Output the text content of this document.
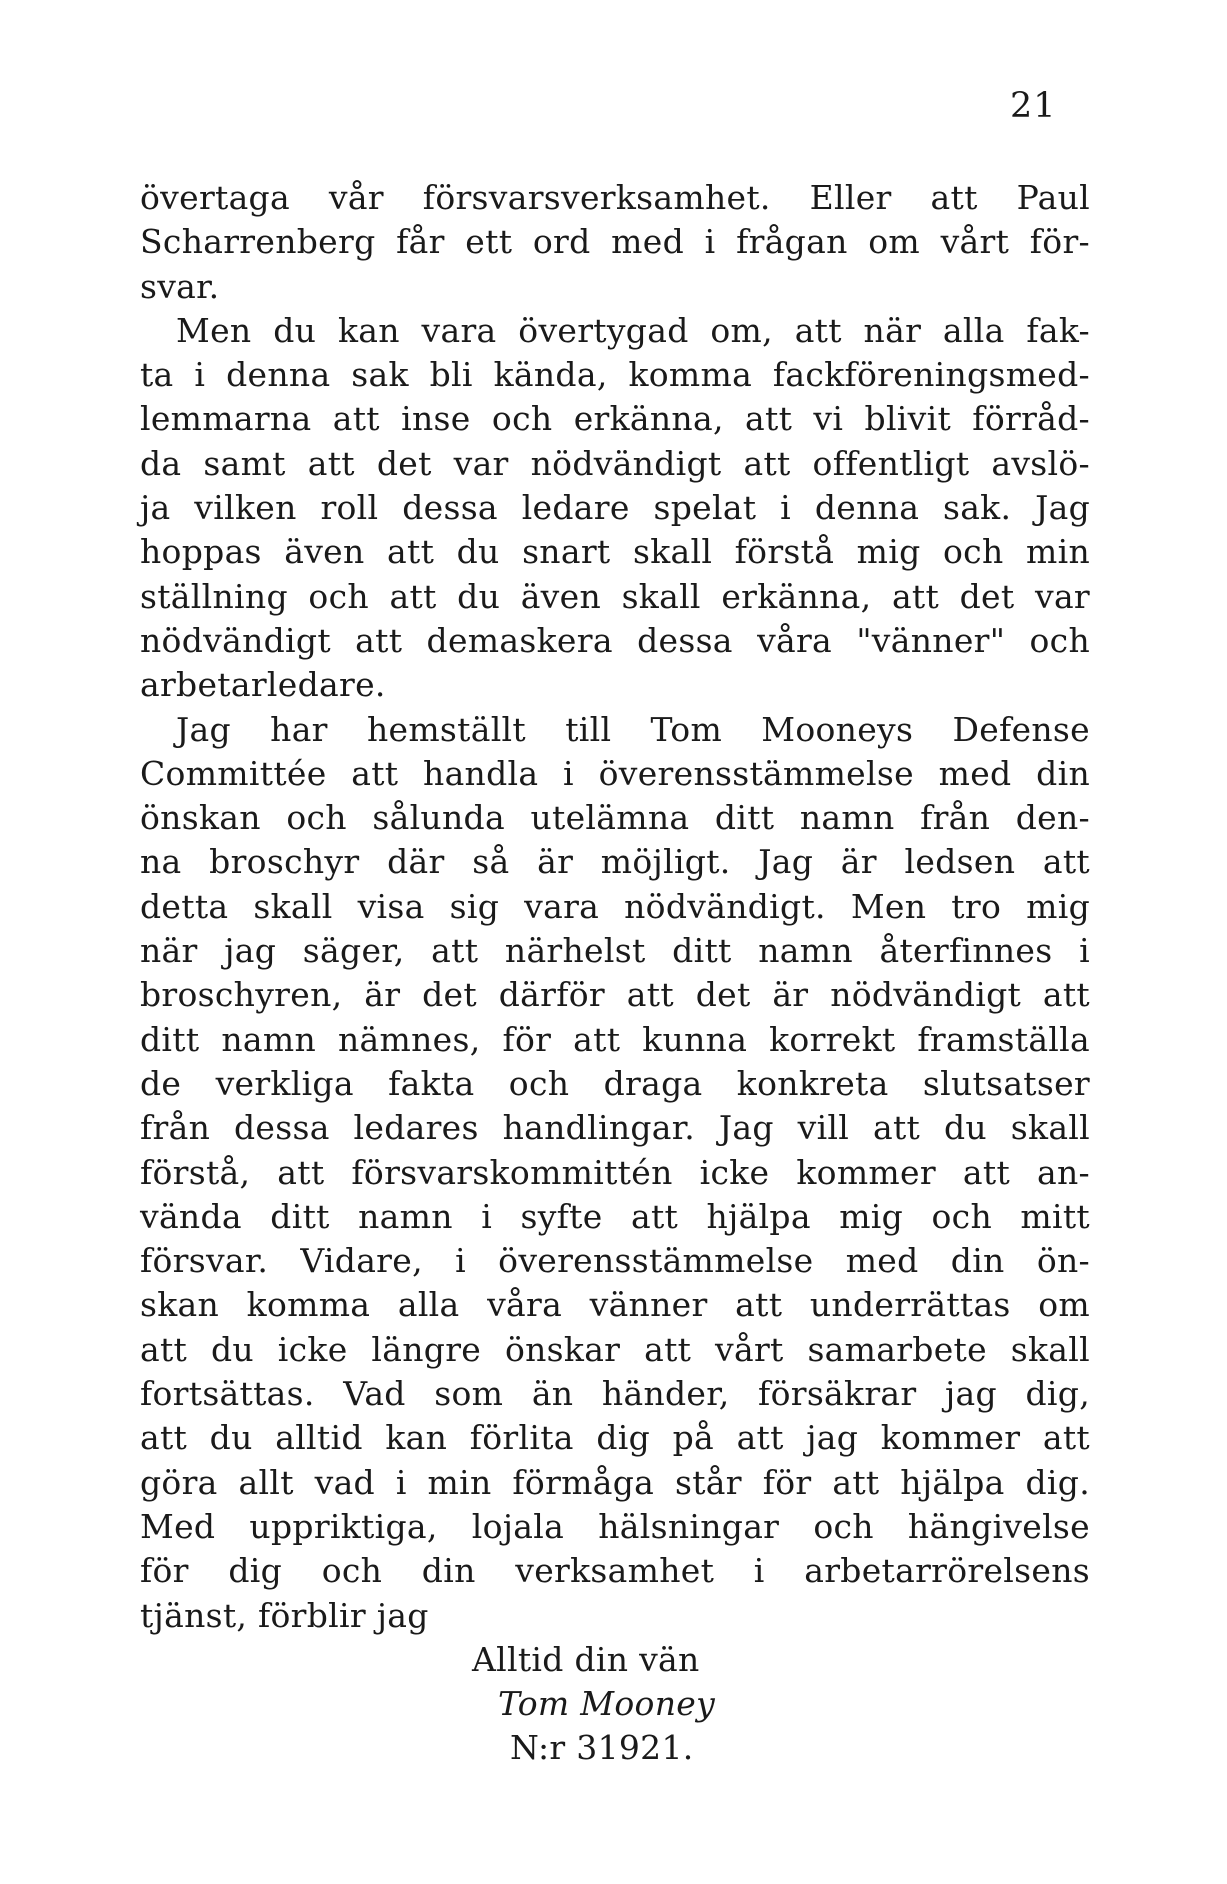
21
övertaga vår försvarsverksamhet. Eller att Paul
Scharrenberg får ett ord med i frågan om vårt för-
svar.
Men du kan vara övertygad om, att när alla fak-
ta i denna sak bli kända, komma fackföreningsmed-
lemmarna att inse och erkänna, att vi blivit förråd-
da samt att det var nödvändigt att offentligt avslö-
ja vilken roll dessa ledare spelat i denna sak. Jag
hoppas även att du snart skall förstå mig och min
ställning och att du även skall erkänna, att det var
nödvändigt att demaskera dessa våra "vänner" och
arbetarledare.
Jag har hemställt till Tom Mooneys Defense
Committée att handla i överensstämmelse med din
önskan och sålunda utelämna ditt namn från den-
na broschyr där så är möjligt. Jag är ledsen att
detta skall visa sig vara nödvändigt. Men tro mig
när jag säger, att närhelst ditt namn återfinnes i
broschyren, är det därför att det är nödvändigt att
ditt namn nämnes, för att kunna korrekt framställa
de verkliga fakta och draga konkreta slutsatser
från dessa ledares handlingar. Jag vill att du skall
förstå, att försvarskommittén icke kommer att an-
vända ditt namn i syfte att hjälpa mig och mitt
försvar. Vidare, i överensstämmelse med din ön-
skan komma alla våra vänner att underrättas om
att du icke längre önskar att vårt samarbete skall
fortsättas. Vad som än händer, försäkrar jag dig,
att du alltid kan förlita dig på att jag kommer att
göra allt vad i min förmåga står för att hjälpa dig.
Med uppriktiga, lojala hälsningar och hängivelse
för dig och din verksamhet i arbetarrörelsens
tjänst, förblir jag
Alltid din vän
Tom Mooney
N:r 31921.
